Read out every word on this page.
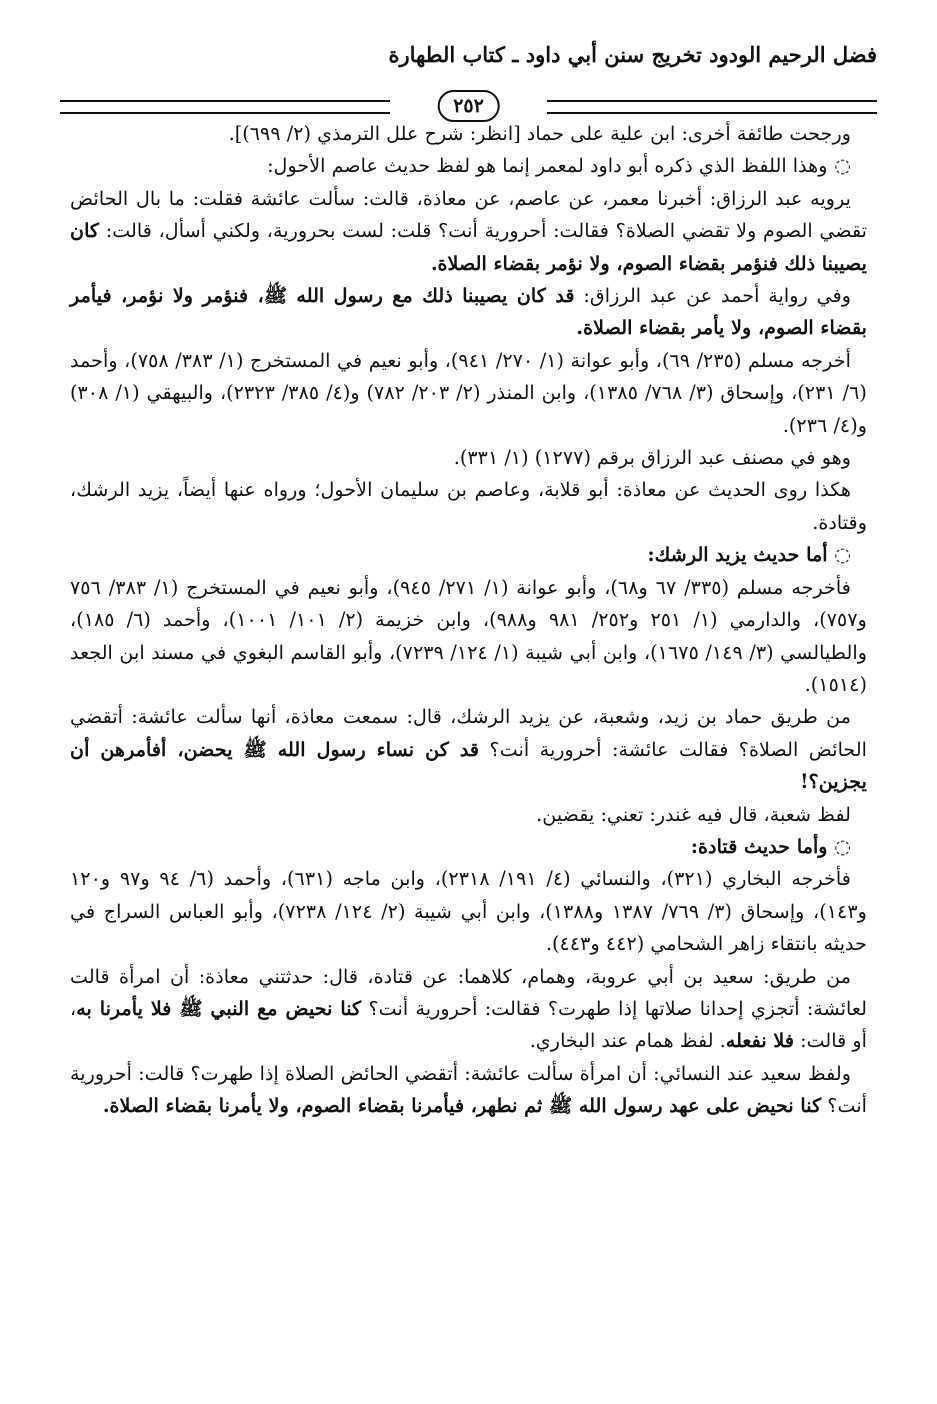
فضل الرحيم الودود تخريج سنن أبي داود ـ كتاب الطهارة
٢٥٢

ورجحت طائفة أخرى: ابن علية على حماد [انظر: شرح علل الترمذي (٢/ ٦٩٩)].

◌ وهذا اللفظ الذي ذكره أبو داود لمعمر إنما هو لفظ حديث عاصم الأحول:

يرويه عبد الرزاق: أخبرنا معمر، عن عاصم، عن معاذة، قالت: سألت عائشة فقلت: ما بال الحائض تقضي الصوم ولا تقضي الصلاة؟ فقالت: أحرورية أنت؟ قلت: لست بحرورية، ولكني أسأل، قالت: كان يصيبنا ذلك فنؤمر بقضاء الصوم، ولا نؤمر بقضاء الصلاة.

وفي رواية أحمد عن عبد الرزاق: قد كان يصيبنا ذلك مع رسول الله ﷺ، فنؤمر ولا نؤمر، فيأمر بقضاء الصوم، ولا يأمر بقضاء الصلاة.

أخرجه مسلم (٢٣٥/ ٦٩)، وأبو عوانة (١/ ٢٧٠/ ٩٤١)، وأبو نعيم في المستخرج (١/ ٣٨٣/ ٧٥٨)، وأحمد (٦/ ٢٣١)، وإسحاق (٣/ ٧٦٨/ ١٣٨٥)، وابن المنذر (٢/ ٢٠٣/ ٧٨٢) و(٤/ ٣٨٥/ ٢٣٢٣)، والبيهقي (١/ ٣٠٨) و(٤/ ٢٣٦).

وهو في مصنف عبد الرزاق برقم (١٢٧٧) (١/ ٣٣١).

هكذا روى الحديث عن معاذة: أبو قلابة، وعاصم بن سليمان الأحول؛ ورواه عنها أيضاً، يزيد الرشك، وقتادة.

◌ أما حديث يزيد الرشك:

فأخرجه مسلم (٣٣٥/ ٦٧ و٦٨)، وأبو عوانة (١/ ٢٧١/ ٩٤٥)، وأبو نعيم في المستخرج (١/ ٣٨٣/ ٧٥٦ و٧٥٧)، والدارمي (١/ ٢٥١ و٢٥٢/ ٩٨١ و٩٨٨)، وابن خزيمة (٢/ ١٠١/ ١٠٠١)، وأحمد (٦/ ١٨٥)، والطيالسي (٣/ ١٤٩/ ١٦٧٥)، وابن أبي شيبة (١/ ١٢٤/ ٧٢٣٩)، وأبو القاسم البغوي في مسند ابن الجعد (١٥١٤).

من طريق حماد بن زيد، وشعبة، عن يزيد الرشك، قال: سمعت معاذة، أنها سألت عائشة: أتقضي الحائض الصلاة؟ فقالت عائشة: أحرورية أنت؟ قد كن نساء رسول الله ﷺ يحضن، أفأمرهن أن يجزين؟!

لفظ شعبة، قال فيه غندر: تعني: يقضين.

◌ وأما حديث قتادة:

فأخرجه البخاري (٣٢١)، والنسائي (٤/ ١٩١/ ٢٣١٨)، وابن ماجه (٦٣١)، وأحمد (٦/ ٩٤ و٩٧ و١٢٠ و١٤٣)، وإسحاق (٣/ ٧٦٩/ ١٣٨٧ و١٣٨٨)، وابن أبي شيبة (٢/ ١٢٤/ ٧٢٣٨)، وأبو العباس السراج في حديثه بانتقاء زاهر الشحامي (٤٤٢ و٤٤٣).

من طريق: سعيد بن أبي عروبة، وهمام، كلاهما: عن قتادة، قال: حدثتني معاذة: أن امرأة قالت لعائشة: أتجزي إحدانا صلاتها إذا طهرت؟ فقالت: أحرورية أنت؟ كنا نحيض مع النبي ﷺ فلا يأمرنا به، أو قالت: فلا نفعله. لفظ همام عند البخاري.

ولفظ سعيد عند النسائي: أن امرأة سألت عائشة: أتقضي الحائض الصلاة إذا طهرت؟ قالت: أحرورية أنت؟ كنا نحيض على عهد رسول الله ﷺ ثم نطهر، فيأمرنا بقضاء الصوم، ولا يأمرنا بقضاء الصلاة.
